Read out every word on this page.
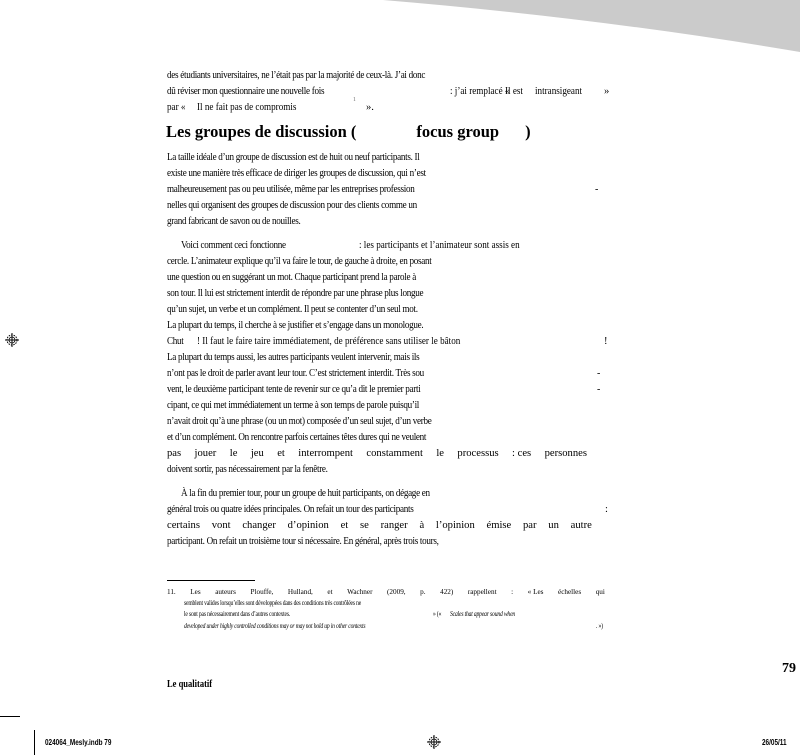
des étudiants universitaires, ne l’était pas par la majorité de ceux-là. J’ai donc
dû réviser mon questionnaire une nouvelle fois	: j’ai remplacé «
Il est intransigeant »
par « Il ne fait pas de compromis
1
».
Les groupes de discussion (	focus group )
La taille idéale d’un groupe de discussion est de huit ou neuf participants. Il
existe une manière très efficace de diriger les groupes de discussion, qui n’est
malheureusement pas ou peu utilisée, même par les entreprises profession	-
nelles qui organisent des groupes de discussion pour des clients comme un
grand fabricant de savon ou de nouilles.
Voici comment ceci fonctionne	: les participants et l’animateur sont assis en
cercle. L’animateur explique qu’il va faire le tour, de gauche à droite, en posant
une question ou en suggérant un mot. Chaque participant prend la parole à
son tour. Il lui est strictement interdit de répondre par une phrase plus longue
qu’un sujet, un verbe et un complément. Il peut se contenter d’un seul mot.
La plupart du temps, il cherche à se justifier et s’engage dans un monologue.
Chut ! Il faut le faire taire immédiatement, de préférence sans utiliser le bâton	!
La plupart du temps aussi, les autres participants veulent intervenir, mais ils
n’ont pas le droit de parler avant leur tour. C’est strictement interdit. Très sou	-
vent, le deuxième participant tente de revenir sur ce qu’a dit le premier parti	-
cipant, ce qui met immédiatement un terme à son temps de parole puisqu’il
n’avait droit qu’à une phrase (ou un mot) composée d’un seul sujet, d’un verbe
et d’un complément. On rencontre parfois certaines têtes dures qui ne veulent
pas jouer le jeu et interrompent constamment le processus : ces personnes
doivent sortir, pas nécessairement par la fenêtre.
À la fin du premier tour, pour un groupe de huit participants, on dégage en
général trois ou quatre idées principales. On refait un tour des participants	:
certains vont changer d’opinion et se ranger à l’opinion émise par un autre
participant. On refait un troisième tour si nécessaire. En général, après trois tours,
11. Les auteurs Plouffe, Hulland, et Wachner (2009, p. 422) rappellent : « Les échelles qui
semblent valides lorsqu’elles sont développées dans des conditions très contrôlées ne
le sont pas nécessairement dans d’autres contextes.	» (« Scales that appear sound when
developed under highly controlled conditions may or may not hold up in other contexts	. »)
79
Le qualitatif
024064_Mesly.indb 79	26/05/11
